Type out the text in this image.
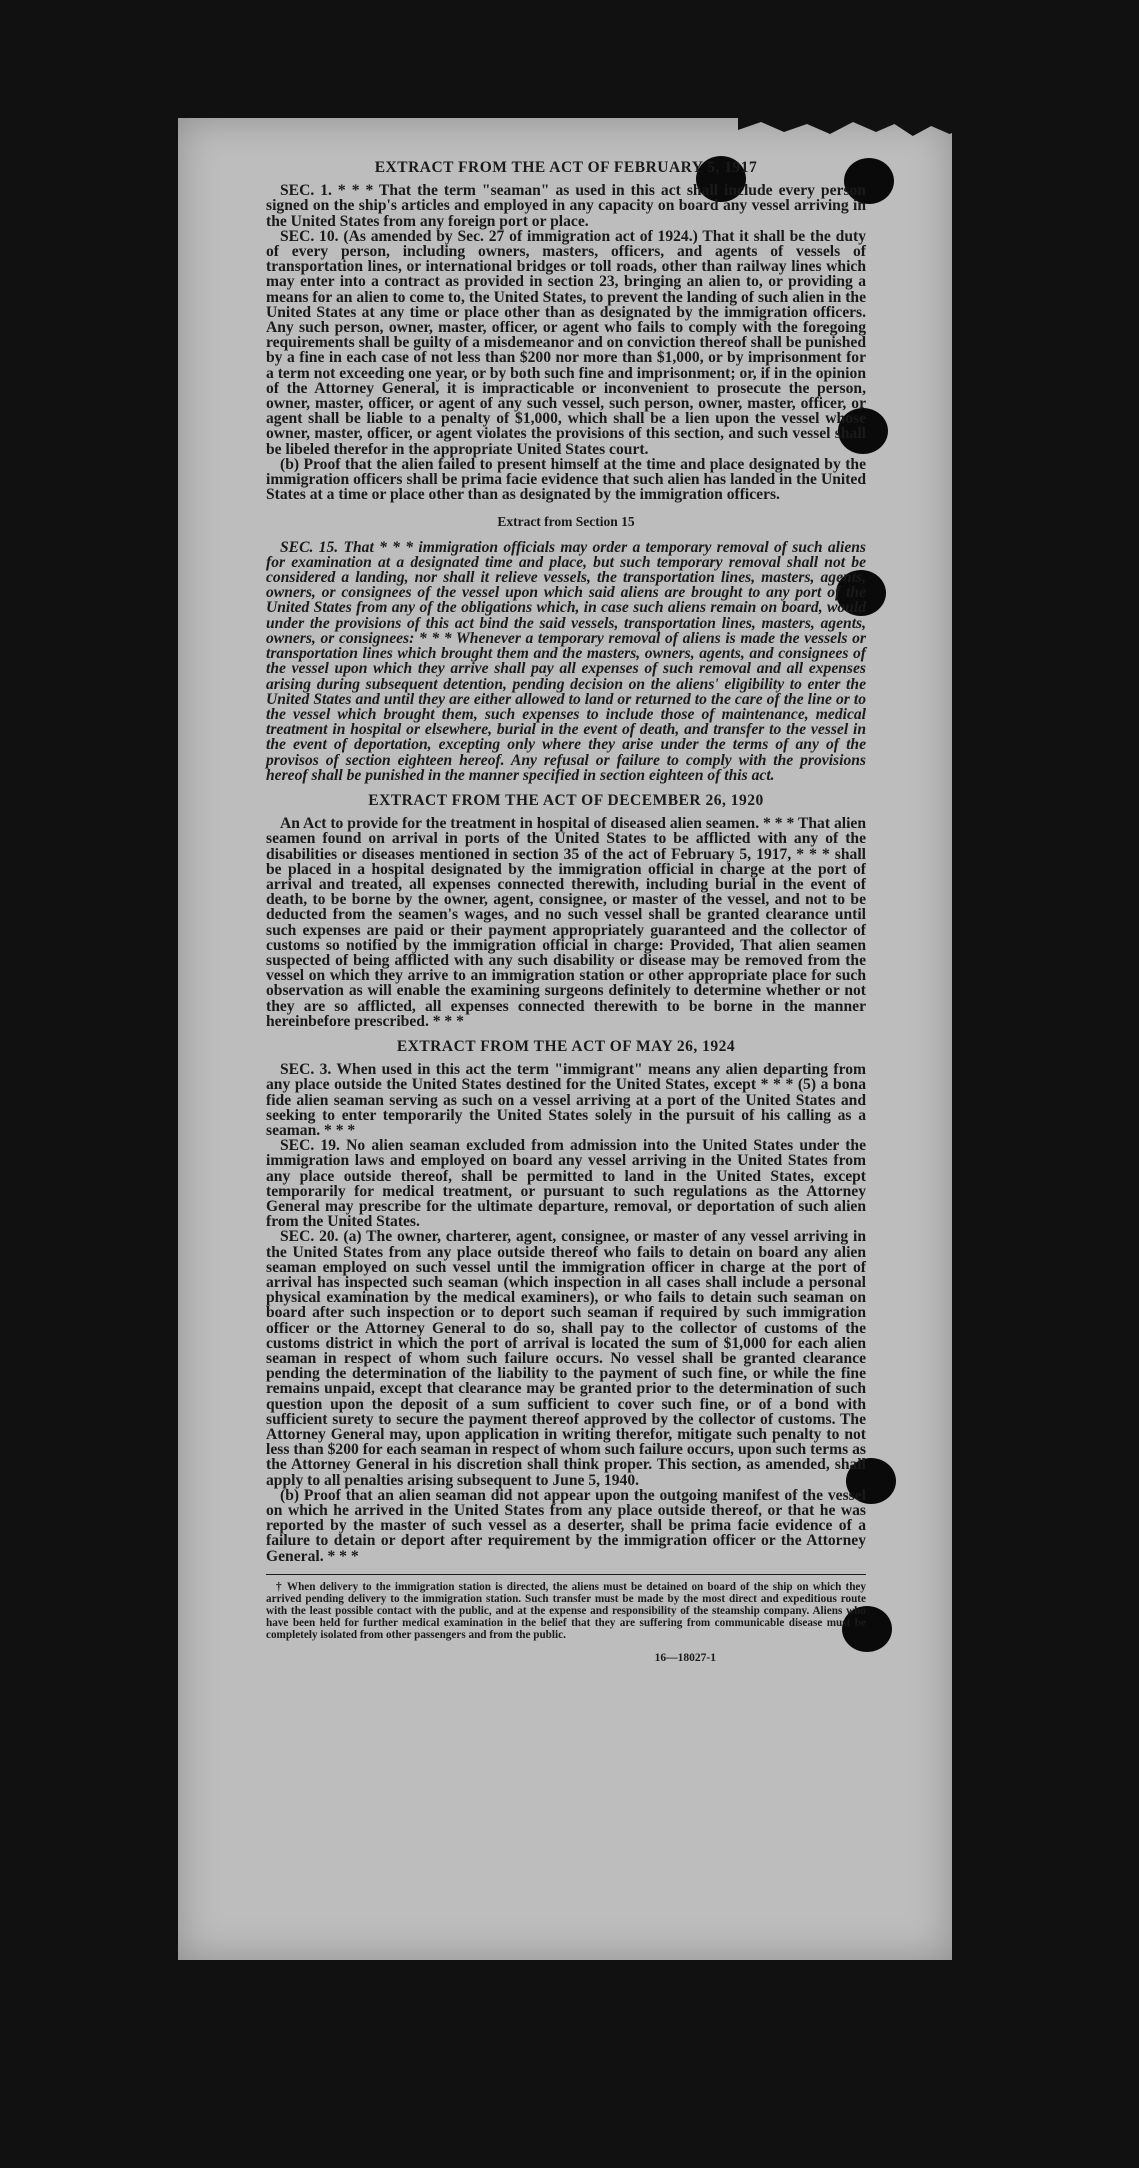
EXTRACT FROM THE ACT OF FEBRUARY 5, 1917

SEC. 1. * * * That the term "seaman" as used in this act shall include every person signed on the ship's articles and employed in any capacity on board any vessel arriving in the United States from any foreign port or place.

SEC. 10. (As amended by Sec. 27 of immigration act of 1924.) That it shall be the duty of every person, including owners, masters, officers, and agents of vessels of transportation lines, or international bridges or toll roads, other than railway lines which may enter into a contract as provided in section 23, bringing an alien to, or providing a means for an alien to come to, the United States, to prevent the landing of such alien in the United States at any time or place other than as designated by the immigration officers. Any such person, owner, master, officer, or agent who fails to comply with the foregoing requirements shall be guilty of a misdemeanor and on conviction thereof shall be punished by a fine in each case of not less than $200 nor more than $1,000, or by imprisonment for a term not exceeding one year, or by both such fine and imprisonment; or, if in the opinion of the Attorney General, it is impracticable or inconvenient to prosecute the person, owner, master, officer, or agent of any such vessel, such person, owner, master, officer, or agent shall be liable to a penalty of $1,000, which shall be a lien upon the vessel whose owner, master, officer, or agent violates the provisions of this section, and such vessel shall be libeled therefor in the appropriate United States court.

(b) Proof that the alien failed to present himself at the time and place designated by the immigration officers shall be prima facie evidence that such alien has landed in the United States at a time or place other than as designated by the immigration officers.

Extract from Section 15

SEC. 15. That * * * immigration officials may order a temporary removal of such aliens for examination at a designated time and place, but such temporary removal shall not be considered a landing, nor shall it relieve vessels, the transportation lines, masters, agents, owners, or consignees of the vessel upon which said aliens are brought to any port of the United States from any of the obligations which, in case such aliens remain on board, would under the provisions of this act bind the said vessels, transportation lines, masters, agents, owners, or consignees: * * * Whenever a temporary removal of aliens is made the vessels or transportation lines which brought them and the masters, owners, agents, and consignees of the vessel upon which they arrive shall pay all expenses of such removal and all expenses arising during subsequent detention, pending decision on the aliens' eligibility to enter the United States and until they are either allowed to land or returned to the care of the line or to the vessel which brought them, such expenses to include those of maintenance, medical treatment in hospital or elsewhere, burial in the event of death, and transfer to the vessel in the event of deportation, excepting only where they arise under the terms of any of the provisos of section eighteen hereof. Any refusal or failure to comply with the provisions hereof shall be punished in the manner specified in section eighteen of this act.

EXTRACT FROM THE ACT OF DECEMBER 26, 1920

An Act to provide for the treatment in hospital of diseased alien seamen. * * * That alien seamen found on arrival in ports of the United States to be afflicted with any of the disabilities or diseases mentioned in section 35 of the act of February 5, 1917, * * * shall be placed in a hospital designated by the immigration official in charge at the port of arrival and treated, all expenses connected therewith, including burial in the event of death, to be borne by the owner, agent, consignee, or master of the vessel, and not to be deducted from the seamen's wages, and no such vessel shall be granted clearance until such expenses are paid or their payment appropriately guaranteed and the collector of customs so notified by the immigration official in charge: Provided, That alien seamen suspected of being afflicted with any such disability or disease may be removed from the vessel on which they arrive to an immigration station or other appropriate place for such observation as will enable the examining surgeons definitely to determine whether or not they are so afflicted, all expenses connected therewith to be borne in the manner hereinbefore prescribed. * * *

EXTRACT FROM THE ACT OF MAY 26, 1924

SEC. 3. When used in this act the term "immigrant" means any alien departing from any place outside the United States destined for the United States, except * * * (5) a bona fide alien seaman serving as such on a vessel arriving at a port of the United States and seeking to enter temporarily the United States solely in the pursuit of his calling as a seaman. * * *

SEC. 19. No alien seaman excluded from admission into the United States under the immigration laws and employed on board any vessel arriving in the United States from any place outside thereof, shall be permitted to land in the United States, except temporarily for medical treatment, or pursuant to such regulations as the Attorney General may prescribe for the ultimate departure, removal, or deportation of such alien from the United States.

SEC. 20. (a) The owner, charterer, agent, consignee, or master of any vessel arriving in the United States from any place outside thereof who fails to detain on board any alien seaman employed on such vessel until the immigration officer in charge at the port of arrival has inspected such seaman (which inspection in all cases shall include a personal physical examination by the medical examiners), or who fails to detain such seaman on board after such inspection or to deport such seaman if required by such immigration officer or the Attorney General to do so, shall pay to the collector of customs of the customs district in which the port of arrival is located the sum of $1,000 for each alien seaman in respect of whom such failure occurs. No vessel shall be granted clearance pending the determination of the liability to the payment of such fine, or while the fine remains unpaid, except that clearance may be granted prior to the determination of such question upon the deposit of a sum sufficient to cover such fine, or of a bond with sufficient surety to secure the payment thereof approved by the collector of customs. The Attorney General may, upon application in writing therefor, mitigate such penalty to not less than $200 for each seaman in respect of whom such failure occurs, upon such terms as the Attorney General in his discretion shall think proper. This section, as amended, shall apply to all penalties arising subsequent to June 5, 1940.

(b) Proof that an alien seaman did not appear upon the outgoing manifest of the vessel on which he arrived in the United States from any place outside thereof, or that he was reported by the master of such vessel as a deserter, shall be prima facie evidence of a failure to detain or deport after requirement by the immigration officer or the Attorney General. * * *

† When delivery to the immigration station is directed, the aliens must be detained on board of the ship on which they arrived pending delivery to the immigration station. Such transfer must be made by the most direct and expeditious route with the least possible contact with the public, and at the expense and responsibility of the steamship company. Aliens who have been held for further medical examination in the belief that they are suffering from communicable disease must be completely isolated from other passengers and from the public.

16—18027-1
